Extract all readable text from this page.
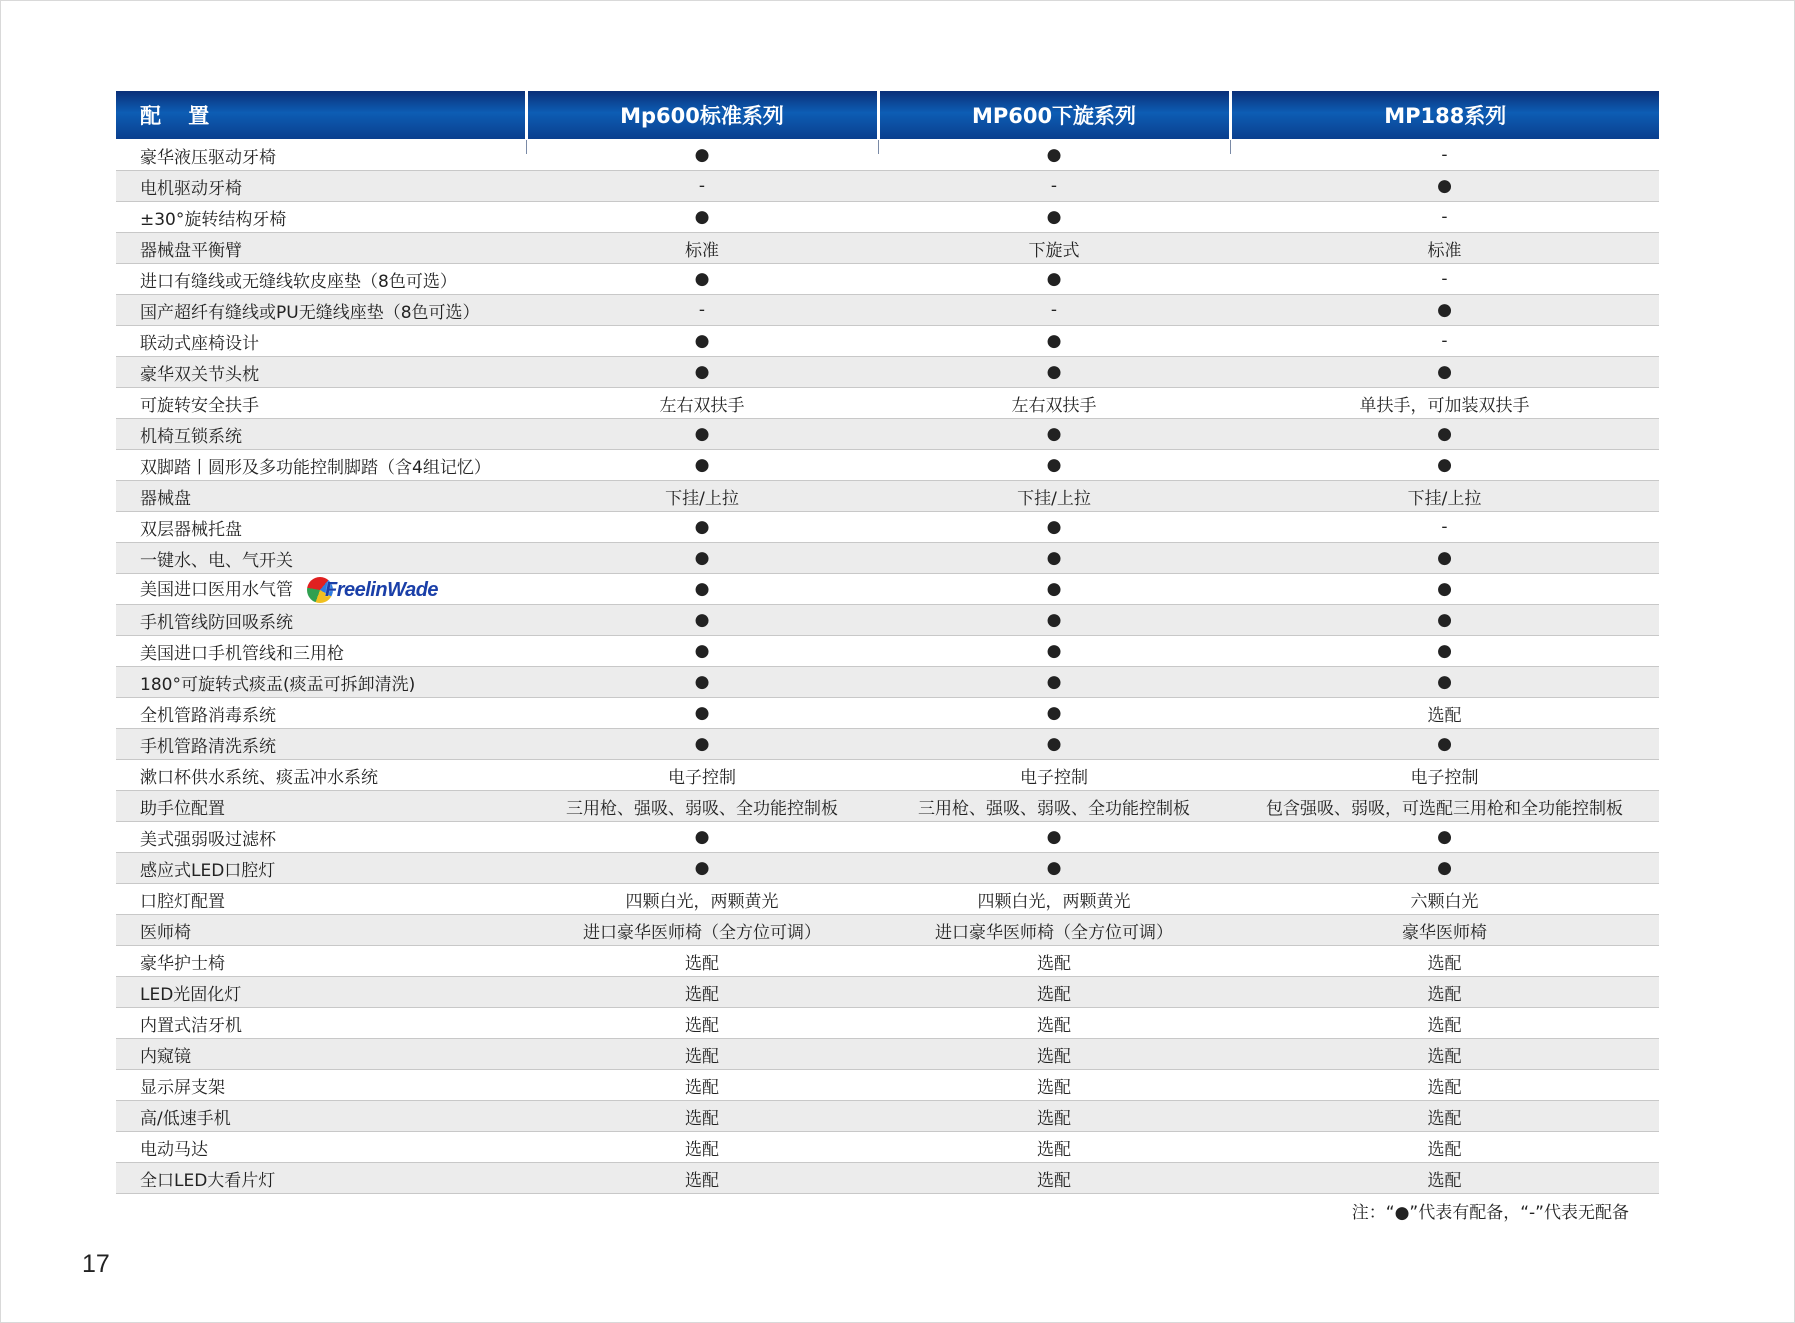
配 置	Mp600标准系列	MP600下旋系列	MP188系列
豪华液压驱动牙椅	●	●	-

电机驱动牙椅	-	-	●
±30°旋转结构牙椅	●	●	-
器械盘平衡臂	标准	下旋式	标准
进口有缝线或无缝线软皮座垫（8色可选）	●	●	-
国产超纤有缝线或PU无缝线座垫（8色可选）	-	-	●
联动式座椅设计	●	●	-
豪华双关节头枕	●	●	●
可旋转安全扶手	左右双扶手	左右双扶手	单扶手，可加装双扶手
机椅互锁系统	●	●	●
双脚踏丨圆形及多功能控制脚踏（含4组记忆）	●	●	●
器械盘	下挂/上拉	下挂/上拉	下挂/上拉
双层器械托盘	●	●	-
一键水、电、气开关	●	●	●
美国进口医用水气管 FreelinWade	●	●	●
手机管线防回吸系统	●	●	●
美国进口手机管线和三用枪	●	●	●
180°可旋转式痰盂(痰盂可拆卸清洗)	●	●	●
全机管路消毒系统	●	●	选配
手机管路清洗系统	●	●	●
漱口杯供水系统、痰盂冲水系统	电子控制	电子控制	电子控制
助手位配置	三用枪、强吸、弱吸、全功能控制板	三用枪、强吸、弱吸、全功能控制板	包含强吸、弱吸，可选配三用枪和全功能控制板
美式强弱吸过滤杯	●	●	●
感应式LED口腔灯	●	●	●
口腔灯配置	四颗白光，两颗黄光	四颗白光，两颗黄光	六颗白光
医师椅	进口豪华医师椅（全方位可调）	进口豪华医师椅（全方位可调）	豪华医师椅
豪华护士椅	选配	选配	选配
LED光固化灯	选配	选配	选配
内置式洁牙机	选配	选配	选配
内窥镜	选配	选配	选配
显示屏支架	选配	选配	选配
高/低速手机	选配	选配	选配
电动马达	选配	选配	选配
全口LED大看片灯	选配	选配	选配
注：“●”代表有配备，“-”代表无配备
17
